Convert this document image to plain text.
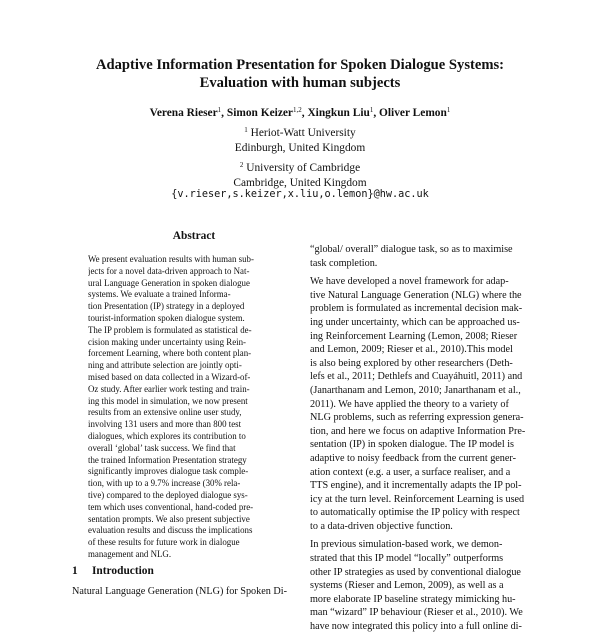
Adaptive Information Presentation for Spoken Dialogue Systems:
Evaluation with human subjects
Verena Rieser$^1$, Simon Keizer$^{1,2}$, Xingkun Liu$^1$, Oliver Lemon$^1$
$^1$ Heriot-Watt University
Edinburgh, United Kingdom
$^2$ University of Cambridge
Cambridge, United Kingdom
{v.rieser,s.keizer,x.liu,o.lemon}@hw.ac.uk
Abstract
We present evaluation results with human sub-
jects for a novel data-driven approach to Nat-
ural Language Generation in spoken dialogue
systems. We evaluate a trained Informa-
tion Presentation (IP) strategy in a deployed
tourist-information spoken dialogue system.
The IP problem is formulated as statistical de-
cision making under uncertainty using Rein-
forcement Learning, where both content plan-
ning and attribute selection are jointly opti-
mised based on data collected in a Wizard-of-
Oz study. After earlier work testing and train-
ing this model in simulation, we now present
results from an extensive online user study,
involving 131 users and more than 800 test
dialogues, which explores its contribution to
overall ‘global’ task success. We find that
the trained Information Presentation strategy
significantly improves dialogue task comple-
tion, with up to a 9.7% increase (30% rela-
tive) compared to the deployed dialogue sys-
tem which uses conventional, hand-coded pre-
sentation prompts. We also present subjective
evaluation results and discuss the implications
of these results for future work in dialogue
management and NLG.
1 Introduction
Natural Language Generation (NLG) for Spoken Di-
“global/ overall” dialogue task, so as to maximise
task completion.
We have developed a novel framework for adap-
tive Natural Language Generation (NLG) where the
problem is formulated as incremental decision mak-
ing under uncertainty, which can be approached us-
ing Reinforcement Learning (Lemon, 2008; Rieser
and Lemon, 2009; Rieser et al., 2010).This model
is also being explored by other researchers (Deth-
lefs et al., 2011; Dethlefs and Cuayáhuitl, 2011) and
(Janarthanam and Lemon, 2010; Janarthanam et al.,
2011). We have applied the theory to a variety of
NLG problems, such as referring expression genera-
tion, and here we focus on adaptive Information Pre-
sentation (IP) in spoken dialogue. The IP model is
adaptive to noisy feedback from the current gener-
ation context (e.g. a user, a surface realiser, and a
TTS engine), and it incrementally adapts the IP pol-
icy at the turn level. Reinforcement Learning is used
to automatically optimise the IP policy with respect
to a data-driven objective function.
In previous simulation-based work, we demon-
strated that this IP model “locally” outperforms
other IP strategies as used by conventional dialogue
systems (Rieser and Lemon, 2009), as well as a
more elaborate IP baseline strategy mimicking hu-
man “wizard” IP behaviour (Rieser et al., 2010). We
have now integrated this policy into a full online di-
